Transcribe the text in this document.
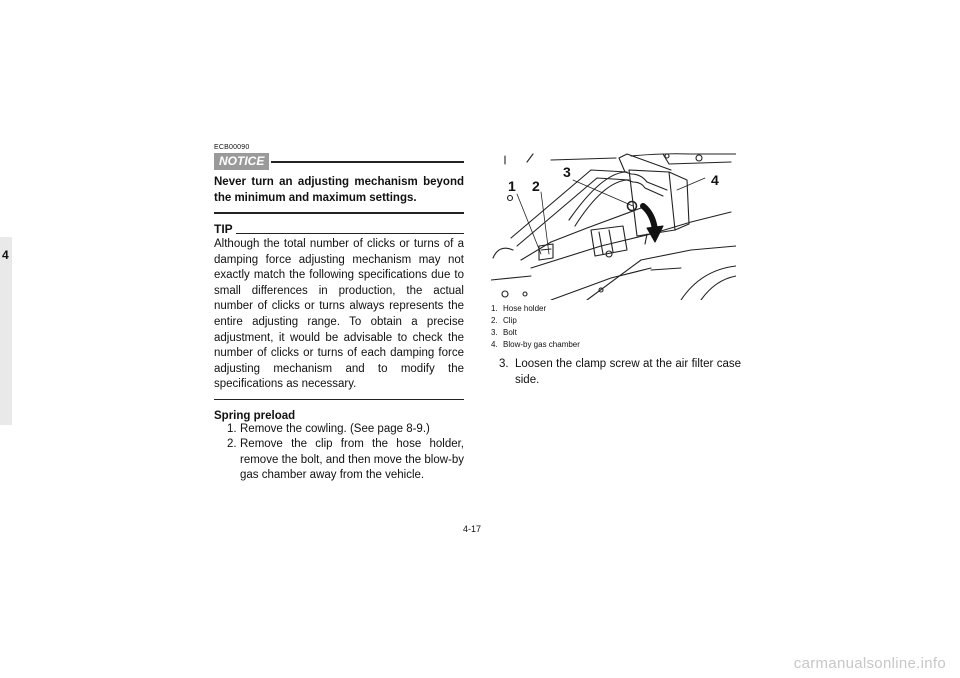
4
ECB00090
NOTICE
Never turn an adjusting mechanism beyond the minimum and maximum settings.
TIP
Although the total number of clicks or turns of a damping force adjusting mechanism may not exactly match the following specifications due to small differences in production, the actual number of clicks or turns always represents the entire adjusting range. To obtain a precise adjustment, it would be advisable to check the number of clicks or turns of each damping force adjusting mechanism and to modify the specifications as necessary.
Spring preload
1. Remove the cowling. (See page 8-9.)
2. Remove the clip from the hose holder, remove the bolt, and then move the blow-by gas chamber away from the vehicle.
1 2
3	4
1. Hose holder
2. Clip
3. Bolt
4. Blow-by gas chamber
3. Loosen the clamp screw at the air filter case side.
4-17
carmanualsonline.info
